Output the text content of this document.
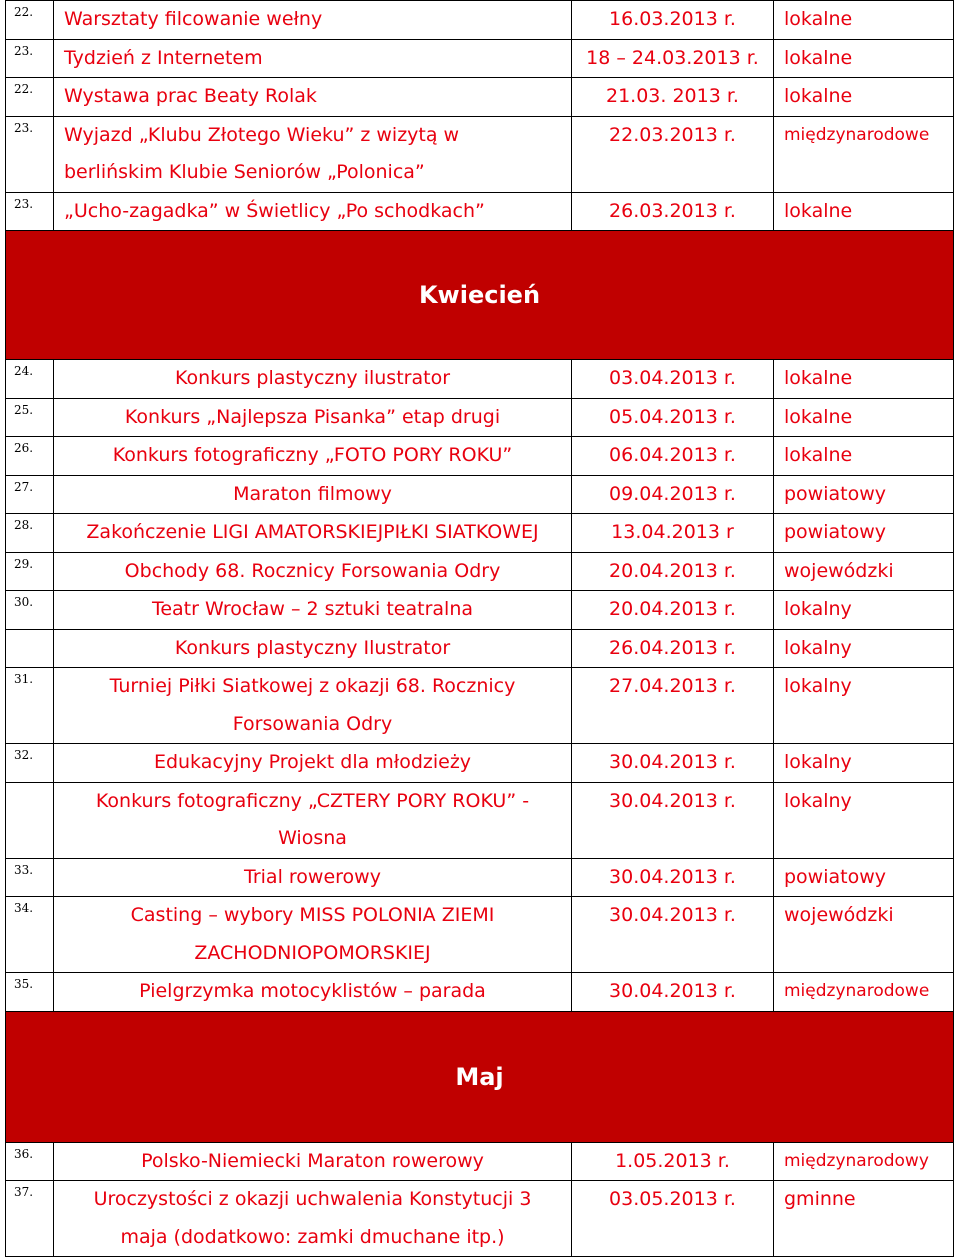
22.	Warsztaty filcowanie wełny	16.03.2013 r.	lokalne
23.	Tydzień z Internetem	18 – 24.03.2013 r.	lokalne
22.	Wystawa prac Beaty Rolak	21.03. 2013 r.	lokalne
23.	Wyjazd „Klubu Złotego Wieku” z wizytą w
berlińskim Klubie Seniorów „Polonica”	22.03.2013 r.	międzynarodowe
23.	„Ucho-zagadka” w Świetlicy „Po schodkach”	26.03.2013 r.	lokalne
Kwiecień			
24.	Konkurs plastyczny ilustrator	03.04.2013 r.	lokalne
25.	Konkurs „Najlepsza Pisanka” etap drugi	05.04.2013 r.	lokalne
26.	Konkurs fotograficzny „FOTO PORY ROKU”	06.04.2013 r.	lokalne
27.	Maraton filmowy	09.04.2013 r.	powiatowy
28.	Zakończenie LIGI AMATORSKIEJPIŁKI SIATKOWEJ	13.04.2013 r	powiatowy
29.	Obchody 68. Rocznicy Forsowania Odry	20.04.2013 r.	wojewódzki
30.	Teatr Wrocław – 2 sztuki teatralna	20.04.2013 r.	lokalny
	Konkurs plastyczny Ilustrator	26.04.2013 r.	lokalny
31.	Turniej Piłki Siatkowej z okazji 68. Rocznicy
Forsowania Odry	27.04.2013 r.	lokalny
32.	Edukacyjny Projekt dla młodzieży	30.04.2013 r.	lokalny
	Konkurs fotograficzny „CZTERY PORY ROKU” -
Wiosna	30.04.2013 r.	lokalny
33.	Trial rowerowy	30.04.2013 r.	powiatowy
34.	Casting – wybory MISS POLONIA ZIEMI
ZACHODNIOPOMORSKIEJ	30.04.2013 r.	wojewódzki
35.	Pielgrzymka motocyklistów – parada	30.04.2013 r.	międzynarodowe
Maj			
36.	Polsko-Niemiecki Maraton rowerowy	1.05.2013 r.	międzynarodowy
37.	Uroczystości z okazji uchwalenia Konstytucji 3
maja (dodatkowo: zamki dmuchane itp.)	03.05.2013 r.	gminne
